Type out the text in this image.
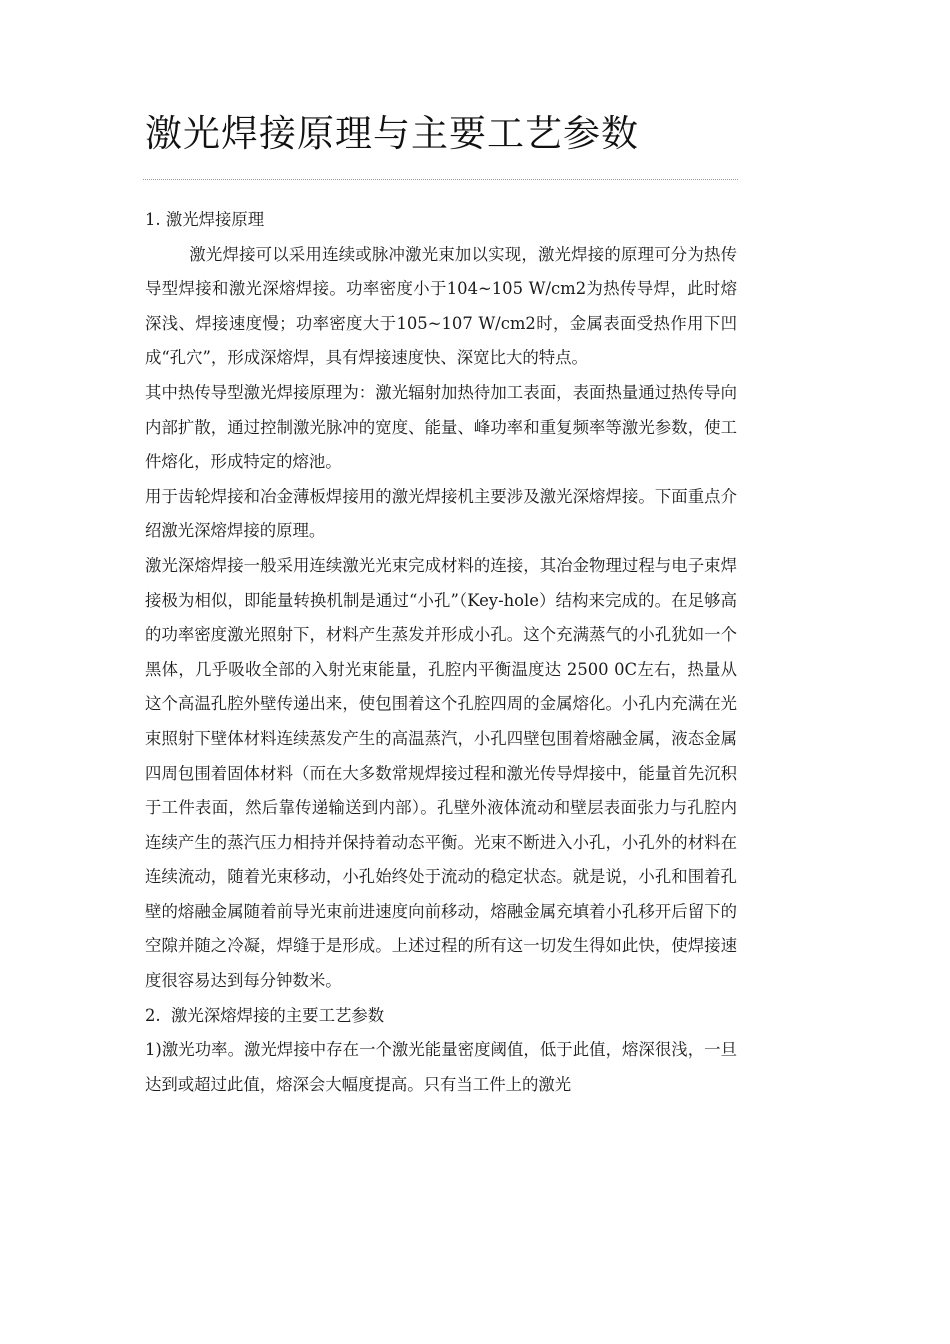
激光焊接原理与主要工艺参数

1. 激光焊接原理

激光焊接可以采用连续或脉冲激光束加以实现，激光焊接的原理可分为热传导型焊接和激光深熔焊接。功率密度小于104~105 W/cm2为热传导焊，此时熔深浅、焊接速度慢；功率密度大于105~107 W/cm2时，金属表面受热作用下凹成“孔穴”，形成深熔焊，具有焊接速度快、深宽比大的特点。

其中热传导型激光焊接原理为：激光辐射加热待加工表面，表面热量通过热传导向内部扩散，通过控制激光脉冲的宽度、能量、峰功率和重复频率等激光参数，使工件熔化，形成特定的熔池。

用于齿轮焊接和冶金薄板焊接用的激光焊接机主要涉及激光深熔焊接。下面重点介绍激光深熔焊接的原理。

激光深熔焊接一般采用连续激光光束完成材料的连接，其冶金物理过程与电子束焊接极为相似，即能量转换机制是通过“小孔”（Key-hole）结构来完成的。在足够高的功率密度激光照射下，材料产生蒸发并形成小孔。这个充满蒸气的小孔犹如一个黑体，几乎吸收全部的入射光束能量，孔腔内平衡温度达 2500 0C左右，热量从这个高温孔腔外壁传递出来，使包围着这个孔腔四周的金属熔化。小孔内充满在光束照射下壁体材料连续蒸发产生的高温蒸汽，小孔四壁包围着熔融金属，液态金属四周包围着固体材料（而在大多数常规焊接过程和激光传导焊接中，能量首先沉积于工件表面，然后靠传递输送到内部）。孔壁外液体流动和壁层表面张力与孔腔内连续产生的蒸汽压力相持并保持着动态平衡。光束不断进入小孔，小孔外的材料在连续流动，随着光束移动，小孔始终处于流动的稳定状态。就是说，小孔和围着孔壁的熔融金属随着前导光束前进速度向前移动，熔融金属充填着小孔移开后留下的空隙并随之冷凝，焊缝于是形成。上述过程的所有这一切发生得如此快，使焊接速度很容易达到每分钟数米。

2.  激光深熔焊接的主要工艺参数

1)激光功率。激光焊接中存在一个激光能量密度阈值，低于此值，熔深很浅，一旦达到或超过此值，熔深会大幅度提高。只有当工件上的激光
